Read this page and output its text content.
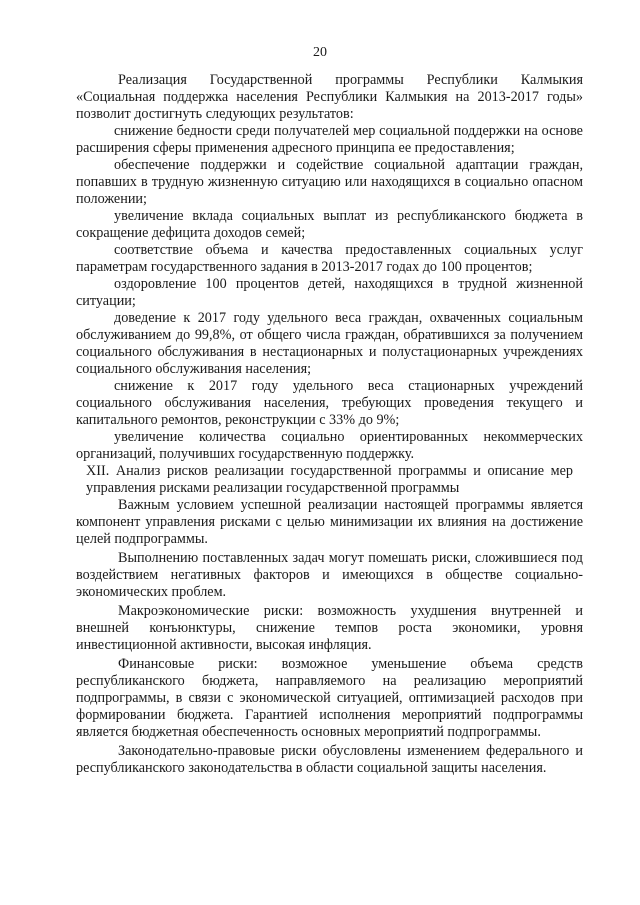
20

Реализация Государственной программы Республики Калмыкия «Социальная поддержка населения Республики Калмыкия на 2013-2017 годы» позволит достигнуть следующих результатов:

снижение бедности среди получателей мер социальной поддержки на основе расширения сферы применения адресного принципа ее предоставления;

обеспечение поддержки и содействие социальной адаптации граждан, попавших в трудную жизненную ситуацию или находящихся в социально опасном положении;

увеличение вклада социальных выплат из республиканского бюджета в сокращение дефицита доходов семей;

соответствие объема и качества предоставленных социальных услуг параметрам государственного задания в 2013-2017 годах до 100 процентов;

оздоровление 100 процентов детей, находящихся в трудной жизненной ситуации;

доведение к 2017 году удельного веса граждан, охваченных социальным обслуживанием до 99,8%, от общего числа граждан, обратившихся за получением социального обслуживания в нестационарных и полустационарных учреждениях социального обслуживания населения;

снижение к 2017 году удельного веса стационарных учреждений социального обслуживания населения, требующих проведения текущего и капитального ремонтов, реконструкции с 33% до 9%;

увеличение количества социально ориентированных некоммерческих организаций, получивших государственную поддержку.

XII. Анализ рисков реализации государственной программы и описание мер управления рисками реализации государственной программы

Важным условием успешной реализации настоящей программы является компонент управления рисками с целью минимизации их влияния на достижение целей подпрограммы.

Выполнению поставленных задач могут помешать риски, сложившиеся под воздействием негативных факторов и имеющихся в обществе социально-экономических проблем.

Макроэкономические риски: возможность ухудшения внутренней и внешней конъюнктуры, снижение темпов роста экономики, уровня инвестиционной активности, высокая инфляция.

Финансовые риски: возможное уменьшение объема средств республиканского бюджета, направляемого на реализацию мероприятий подпрограммы, в связи с экономической ситуацией, оптимизацией расходов при формировании бюджета. Гарантией исполнения мероприятий подпрограммы является бюджетная обеспеченность основных мероприятий подпрограммы.

Законодательно-правовые риски обусловлены изменением федерального и республиканского законодательства в области социальной защиты населения.
